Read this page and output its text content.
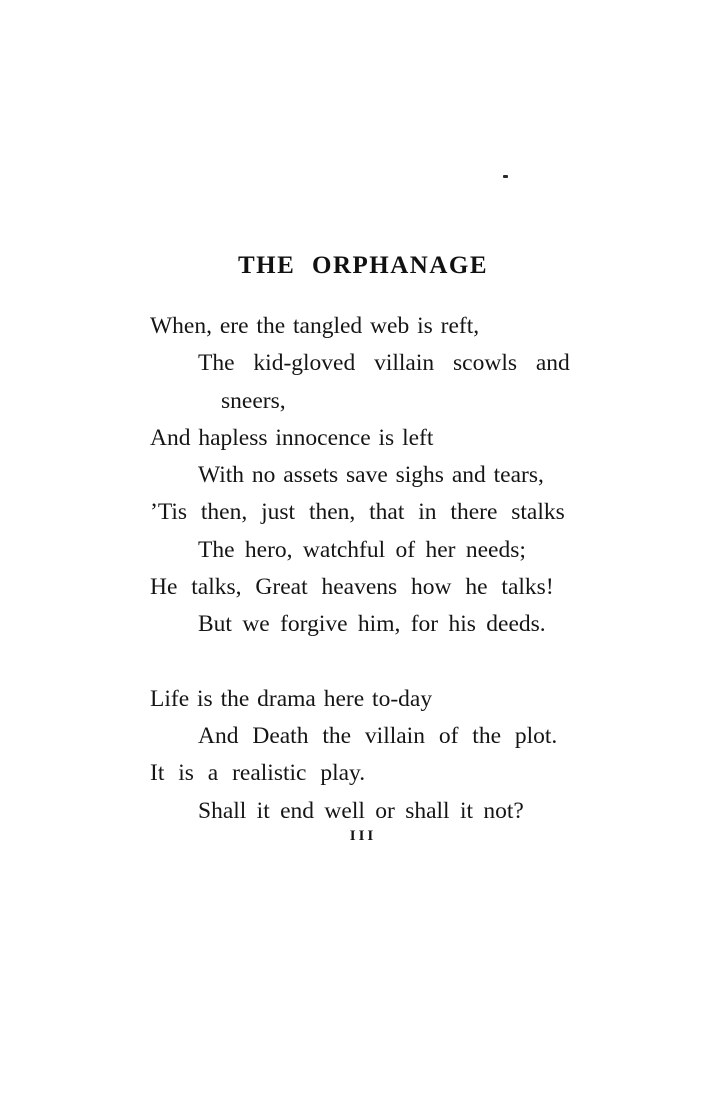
THE ORPHANAGE
When, ere the tangled web is reft,
The kid-gloved villain scowls and
sneers,
And hapless innocence is left
With no assets save sighs and tears,
’Tis then, just then, that in there stalks
The hero, watchful of her needs;
He talks, Great heavens how he talks!
But we forgive him, for his deeds.
Life is the drama here to-day
And Death the villain of the plot.
It is a realistic play.
Shall it end well or shall it not?
III
